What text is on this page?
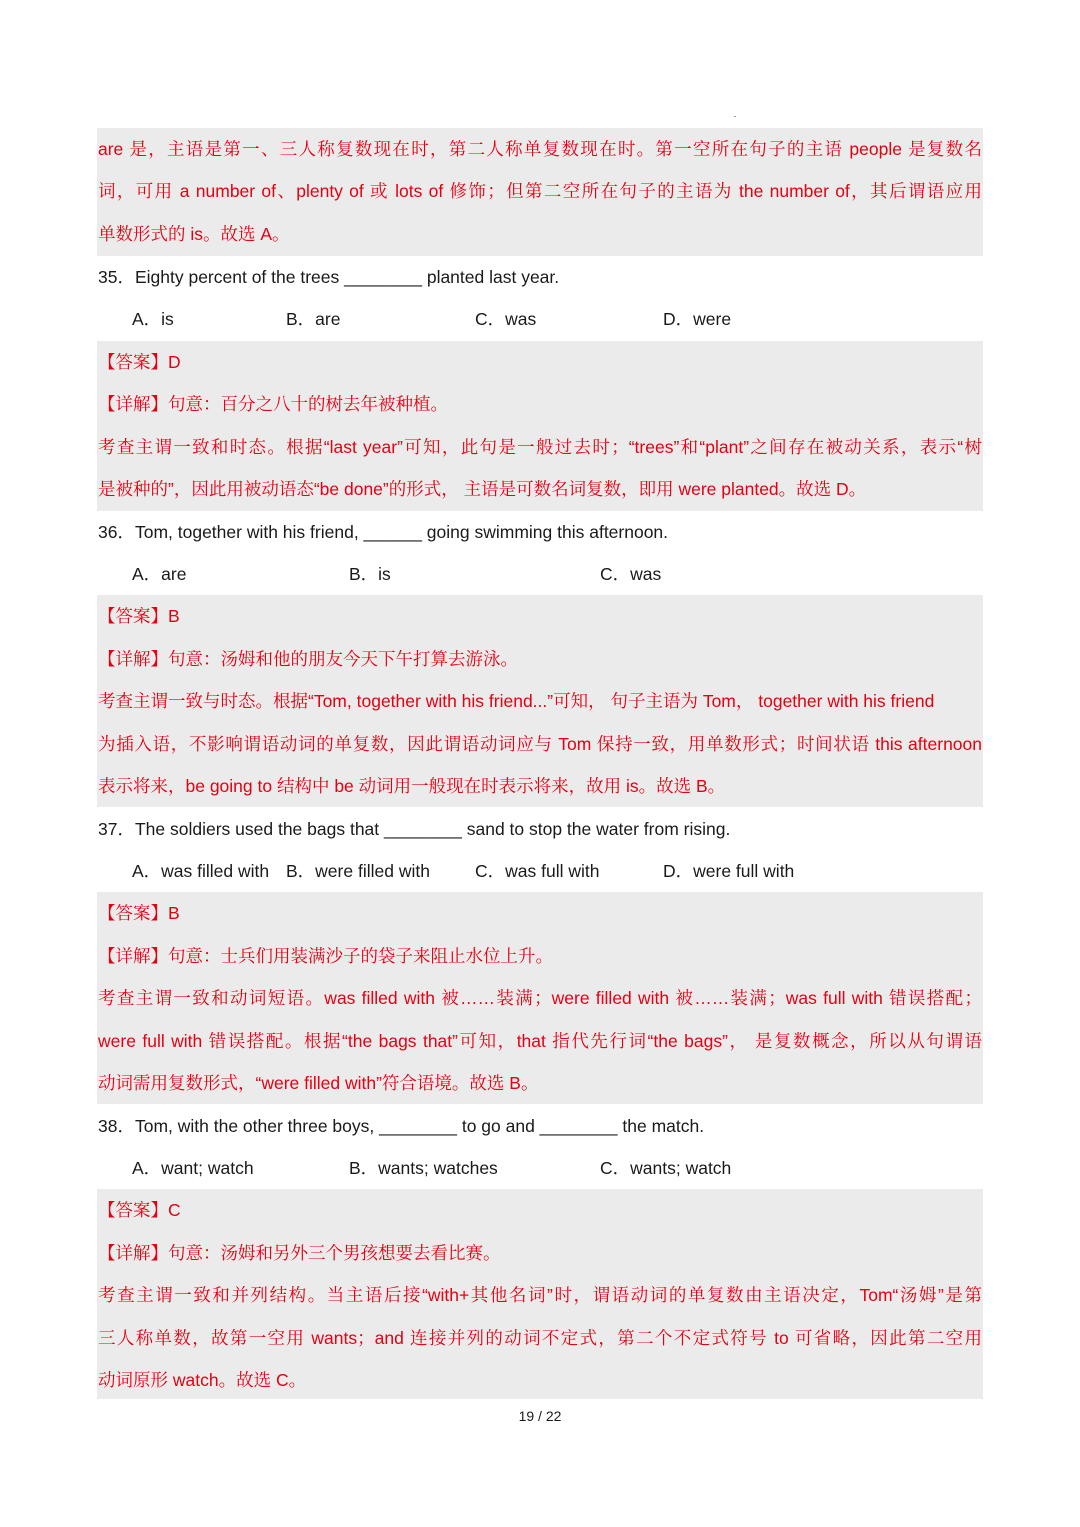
are 是，主语是第一、三人称复数现在时，第二人称单复数现在时。第一空所在句子的主语 people 是复数名
词，可用 a number of、plenty of 或 lots of 修饰；但第二空所在句子的主语为 the number of，其后谓语应用
单数形式的 is。故选 A。
35．Eighty percent of the trees ________ planted last year.
A．is	B．are	C．was	D．were
【答案】D
【详解】句意：百分之八十的树去年被种植。
考查主谓一致和时态。根据“last year”可知，此句是一般过去时；“trees”和“plant”之间存在被动关系，表示“树
是被种的”，因此用被动语态“be done”的形式， 主语是可数名词复数，即用 were planted。故选 D。
36．Tom, together with his friend, ______ going swimming this afternoon.
A．are	B．is	C．was
【答案】B
【详解】句意：汤姆和他的朋友今天下午打算去游泳。
考查主谓一致与时态。根据“Tom, together with his friend...”可知， 句子主语为 Tom， together with his friend
为插入语，不影响谓语动词的单复数，因此谓语动词应与 Tom 保持一致，用单数形式；时间状语 this afternoon
表示将来，be going to 结构中 be 动词用一般现在时表示将来，故用 is。故选 B。
37．The soldiers used the bags that ________ sand to stop the water from rising.
A．was filled with B．were filled with	C．was full with	D．were full with
【答案】B
【详解】句意：士兵们用装满沙子的袋子来阻止水位上升。
考查主谓一致和动词短语。was filled with 被……装满；were filled with 被……装满；was full with 错误搭配；
were full with 错误搭配。根据“the bags that”可知，that 指代先行词“the bags”， 是复数概念，所以从句谓语
动词需用复数形式，“were filled with”符合语境。故选 B。
38．Tom, with the other three boys, ________ to go and ________ the match.
A．want; watch	B．wants; watches	C．wants; watch
【答案】C
【详解】句意：汤姆和另外三个男孩想要去看比赛。
考查主谓一致和并列结构。当主语后接“with+其他名词”时，谓语动词的单复数由主语决定，Tom“汤姆”是第
三人称单数，故第一空用 wants；and 连接并列的动词不定式，第二个不定式符号 to 可省略，因此第二空用
动词原形 watch。故选 C。
19 / 22
